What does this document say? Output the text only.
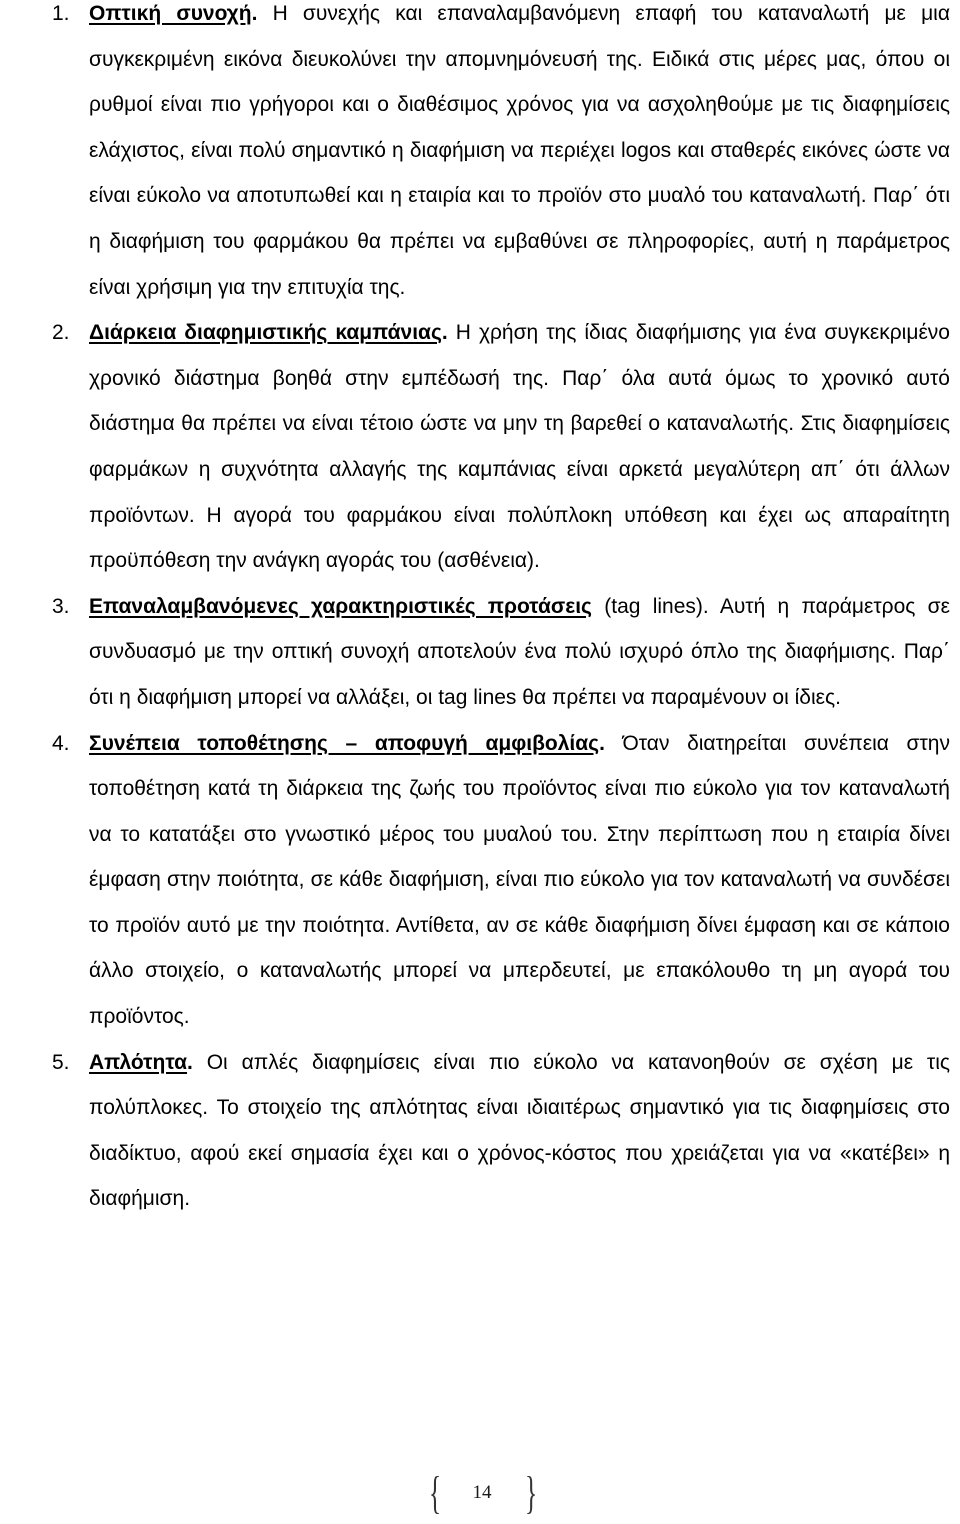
1. Οπτική συνοχή. Η συνεχής και επαναλαμβανόμενη επαφή του καταναλωτή με μια συγκεκριμένη εικόνα διευκολύνει την απομνημόνευσή της. Ειδικά στις μέρες μας, όπου οι ρυθμοί είναι πιο γρήγοροι και ο διαθέσιμος χρόνος για να ασχοληθούμε με τις διαφημίσεις ελάχιστος, είναι πολύ σημαντικό η διαφήμιση να περιέχει logos και σταθερές εικόνες ώστε να είναι εύκολο να αποτυπωθεί και η εταιρία και το προϊόν στο μυαλό του καταναλωτή. Παρ΄ ότι η διαφήμιση του φαρμάκου θα πρέπει να εμβαθύνει σε πληροφορίες, αυτή η παράμετρος είναι χρήσιμη για την επιτυχία της.
2. Διάρκεια διαφημιστικής καμπάνιας. Η χρήση της ίδιας διαφήμισης για ένα συγκεκριμένο χρονικό διάστημα βοηθά στην εμπέδωσή της. Παρ΄ όλα αυτά όμως το χρονικό αυτό διάστημα θα πρέπει να είναι τέτοιο ώστε να μην τη βαρεθεί ο καταναλωτής. Στις διαφημίσεις φαρμάκων η συχνότητα αλλαγής της καμπάνιας είναι αρκετά μεγαλύτερη απ΄ ότι άλλων προϊόντων. Η αγορά του φαρμάκου είναι πολύπλοκη υπόθεση και έχει ως απαραίτητη προϋπόθεση την ανάγκη αγοράς του (ασθένεια).
3. Επαναλαμβανόμενες χαρακτηριστικές προτάσεις (tag lines). Αυτή η παράμετρος σε συνδυασμό με την οπτική συνοχή αποτελούν ένα πολύ ισχυρό όπλο της διαφήμισης. Παρ΄ ότι η διαφήμιση μπορεί να αλλάξει, οι tag lines θα πρέπει να παραμένουν οι ίδιες.
4. Συνέπεια τοποθέτησης – αποφυγή αμφιβολίας. Όταν διατηρείται συνέπεια στην τοποθέτηση κατά τη διάρκεια της ζωής του προϊόντος είναι πιο εύκολο για τον καταναλωτή να το κατατάξει στο γνωστικό μέρος του μυαλού του. Στην περίπτωση που η εταιρία δίνει έμφαση στην ποιότητα, σε κάθε διαφήμιση, είναι πιο εύκολο για τον καταναλωτή να συνδέσει το προϊόν αυτό με την ποιότητα. Αντίθετα, αν σε κάθε διαφήμιση δίνει έμφαση και σε κάποιο άλλο στοιχείο, ο καταναλωτής μπορεί να μπερδευτεί, με επακόλουθο τη μη αγορά του προϊόντος.
5. Απλότητα. Οι απλές διαφημίσεις είναι πιο εύκολο να κατανοηθούν σε σχέση με τις πολύπλοκες. Το στοιχείο της απλότητας είναι ιδιαιτέρως σημαντικό για τις διαφημίσεις στο διαδίκτυο, αφού εκεί σημασία έχει και ο χρόνος-κόστος που χρειάζεται για να «κατέβει» η διαφήμιση.
{	14 }
